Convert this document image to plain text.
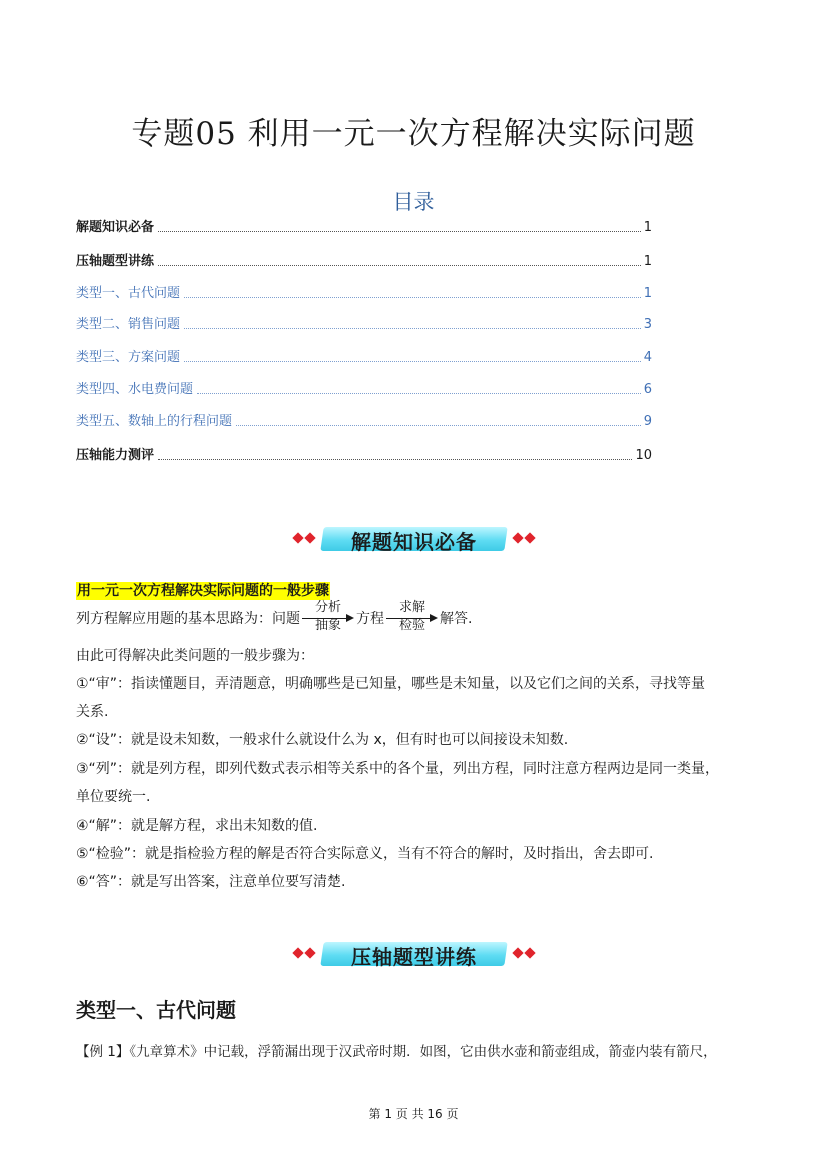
专题05 利用一元一次方程解决实际问题
目录
解题知识必备	1
压轴题型讲练	1
类型一、古代问题	1
类型二、销售问题	3
类型三、方案问题	4
类型四、水电费问题	6
类型五、数轴上的行程问题	9
压轴能力测评	10
解题知识必备
用一元一次方程解决实际问题的一般步骤
列方程解应用题的基本思路为：问题
分析
抽象	方程
求解
检验	解答.
由此可得解决此类问题的一般步骤为：
①“审”：指读懂题目，弄清题意，明确哪些是已知量，哪些是未知量，以及它们之间的关系，寻找等量
关系.
②“设”：就是设未知数，一般求什么就设什么为 x，但有时也可以间接设未知数.
③“列”：就是列方程，即列代数式表示相等关系中的各个量，列出方程，同时注意方程两边是同一类量，
单位要统一.
④“解”：就是解方程，求出未知数的值.
⑤“检验”：就是指检验方程的解是否符合实际意义，当有不符合的解时，及时指出，舍去即可.
⑥“答”：就是写出答案，注意单位要写清楚.
压轴题型讲练
类型一、古代问题
【例 1】《九章算术》中记载，浮箭漏出现于汉武帝时期．如图，它由供水壶和箭壶组成，箭壶内装有箭尺，
第 1 页 共 16 页
